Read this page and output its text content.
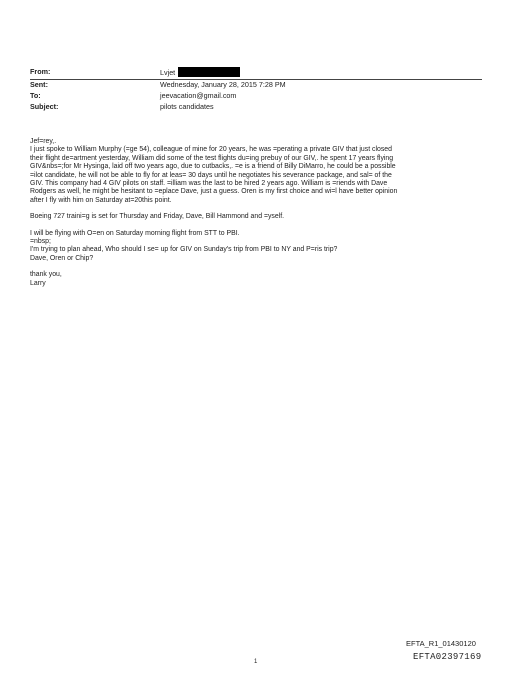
From:	Lvjet
Sent:	Wednesday, January 28, 2015 7:28 PM
To:	jeevacation@gmail.com
Subject:	pilots candidates

Jef=rey,.

I just spoke to William Murphy (=ge 54), colleague of mine for 20 years, he was =perating a private GIV that just closed

their flight de=artment yesterday, William did some of the test flights du=ing prebuy of our GIV,. he spent 17 years flying

GIV&nbs=;for Mr Hysinga, laid off two years ago, due to cutbacks,. =e is a friend of Billy DiMarro, he could be a possible

=ilot candidate, he will not be able to fly for at leas= 30 days until he negotiates his severance package, and sal= of the

GIV. This company had 4 GIV pilots on staff. =illiam was the last to be hired 2 years ago. William is =riends with Dave

Rodgers as well, he might be hesitant to =eplace Dave, just a guess. Oren is my first choice and wi=l have better opinion

after I fly with him on Saturday at=20this point.

Boeing 727 traini=g is set for Thursday and Friday, Dave, Bill Hammond and =yself.

I will be flying with O=en on Saturday morning flight from STT to PBI.

=nbsp;

I'm trying to plan ahead, Who should I se= up for GIV on Sunday's trip from PBI to NY and P=ris trip?

Dave, Oren or Chip?

thank you,

Larry

1
EFTA_R1_01430120
EFTA02397169
